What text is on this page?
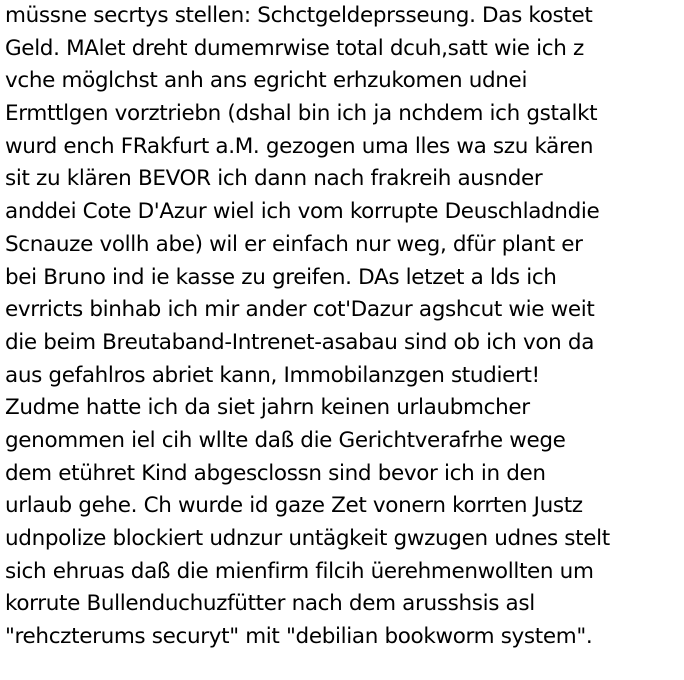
müssne secrtys stellen: Schctgeldeprsseung. Das kostet
Geld. MAlet dreht dumemrwise total dcuh,satt wie ich z
vche möglchst anh ans egricht erhzukomen udnei
Ermttlgen vorztriebn (dshal bin ich ja nchdem ich gstalkt
wurd ench FRakfurt a.M. gezogen uma lles wa szu kären
sit zu klären BEVOR ich dann nach frakreih ausnder
anddei Cote D'Azur wiel ich vom korrupte Deuschladndie
Scnauze vollh abe) wil er einfach nur weg, dfür plant er
bei Bruno ind ie kasse zu greifen. DAs letzet a lds ich
evrricts binhab ich mir ander cot'Dazur agshcut wie weit
die beim Breutaband-Intrenet-asabau sind ob ich von da
aus gefahlros abriet kann, Immobilanzgen studiert!
Zudme hatte ich da siet jahrn keinen urlaubmcher
genommen iel cih wllte daß die Gerichtverafrhe wege
dem etühret Kind abgesclossn sind bevor ich in den
urlaub gehe. Ch wurde id gaze Zet vonern korrten Justz
udnpolize blockiert udnzur untägkeit gwzugen udnes stelt
sich ehruas daß die mienfirm filcih üerehmenwollten um
korrute Bullenduchuzfütter nach dem arusshsis asl
"rehczterums securyt" mit "debilian bookworm system".
